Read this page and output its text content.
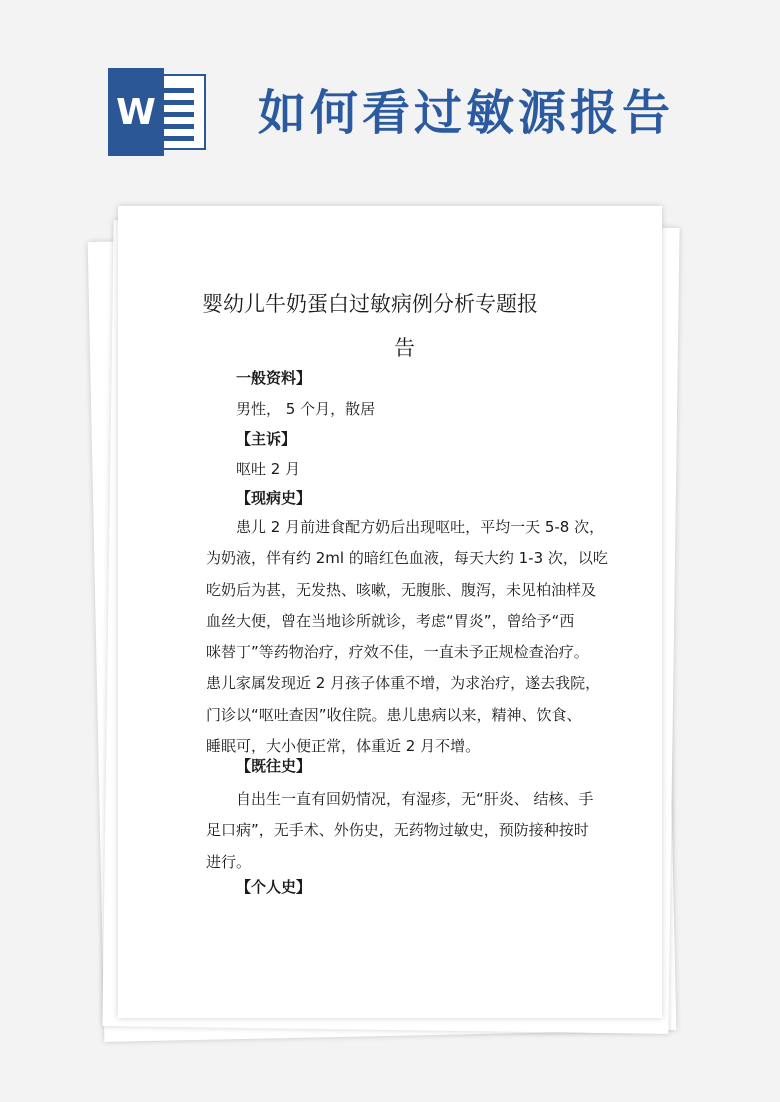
W 如何看过敏源报告
婴幼儿牛奶蛋白过敏病例分析专题报
告
一般资料】
男性， 5 个月，散居
【主诉】
呕吐 2 月
【现病史】
患儿 2 月前进食配方奶后出现呕吐，平均一天 5-8 次，
为奶液，伴有约 2ml 的暗红色血液，每天大约 1-3 次，以吃
吃奶后为甚，无发热、咳嗽，无腹胀、腹泻，未见柏油样及
血丝大便，曾在当地诊所就诊，考虑“胃炎”，曾给予“西
咪替丁”等药物治疗，疗效不佳，一直未予正规检查治疗。
患儿家属发现近 2 月孩子体重不增，为求治疗，遂去我院，
门诊以“呕吐查因”收住院。患儿患病以来，精神、饮食、
睡眠可，大小便正常，体重近 2 月不增。
【既往史】
自出生一直有回奶情况，有湿疹，无“肝炎、 结核、手
足口病”，无手术、外伤史，无药物过敏史，预防接种按时
进行。
【个人史】
